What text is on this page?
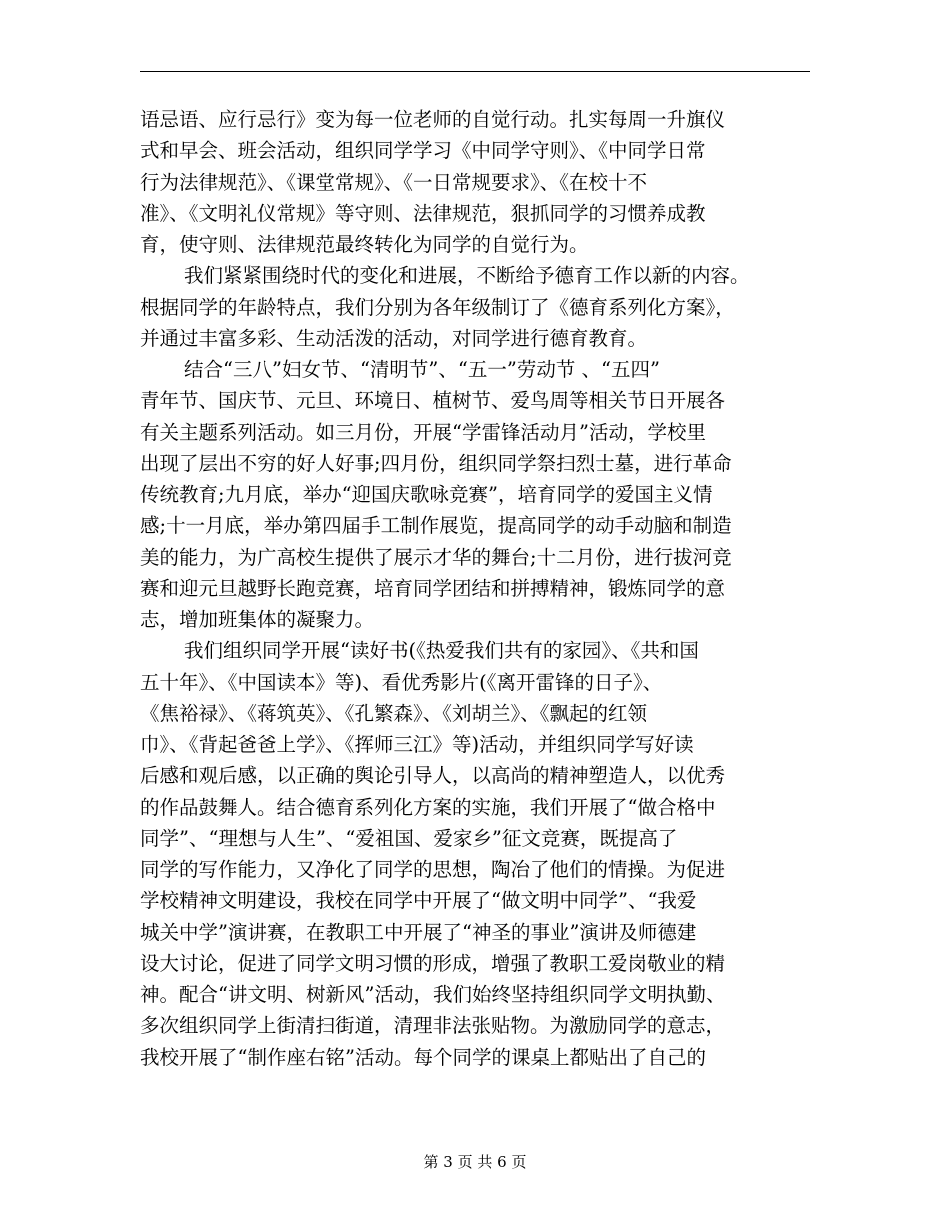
语忌语、应行忌行》变为每一位老师的自觉行动。扎实每周一升旗仪
式和早会、班会活动，组织同学学习《中同学守则》、《中同学日常
行为法律规范》、《课堂常规》、《一日常规要求》、《在校十不
准》、《文明礼仪常规》等守则、法律规范，狠抓同学的习惯养成教
育，使守则、法律规范最终转化为同学的自觉行为。
我们紧紧围绕时代的变化和进展，不断给予德育工作以新的内容。
根据同学的年龄特点，我们分别为各年级制订了《德育系列化方案》，
并通过丰富多彩、生动活泼的活动，对同学进行德育教育。
结合“三八”妇女节、“清明节”、“五一”劳动节 、“五四”
青年节、国庆节、元旦、环境日、植树节、爱鸟周等相关节日开展各
有关主题系列活动。如三月份，开展“学雷锋活动月”活动，学校里
出现了层出不穷的好人好事;四月份，组织同学祭扫烈士墓，进行革命
传统教育;九月底，举办“迎国庆歌咏竞赛”，培育同学的爱国主义情
感;十一月底，举办第四届手工制作展览，提高同学的动手动脑和制造
美的能力，为广高校生提供了展示才华的舞台;十二月份，进行拔河竞
赛和迎元旦越野长跑竞赛，培育同学团结和拼搏精神，锻炼同学的意
志，增加班集体的凝聚力。
我们组织同学开展“读好书(《热爱我们共有的家园》、《共和国
五十年》、《中国读本》等)、看优秀影片(《离开雷锋的日子》、
《焦裕禄》、《蒋筑英》、《孔繁森》、《刘胡兰》、《飘起的红领
巾》、《背起爸爸上学》、《挥师三江》等)活动，并组织同学写好读
后感和观后感，以正确的舆论引导人，以高尚的精神塑造人，以优秀
的作品鼓舞人。结合德育系列化方案的实施，我们开展了“做合格中
同学”、“理想与人生”、“爱祖国、爱家乡”征文竞赛，既提高了
同学的写作能力，又净化了同学的思想，陶冶了他们的情操。为促进
学校精神文明建设，我校在同学中开展了“做文明中同学”、“我爱
城关中学”演讲赛，在教职工中开展了“神圣的事业”演讲及师德建
设大讨论，促进了同学文明习惯的形成，增强了教职工爱岗敬业的精
神。配合“讲文明、树新风”活动，我们始终坚持组织同学文明执勤、
多次组织同学上街清扫街道，清理非法张贴物。为激励同学的意志，
我校开展了“制作座右铭”活动。每个同学的课桌上都贴出了自己的
第 3 页 共 6 页
